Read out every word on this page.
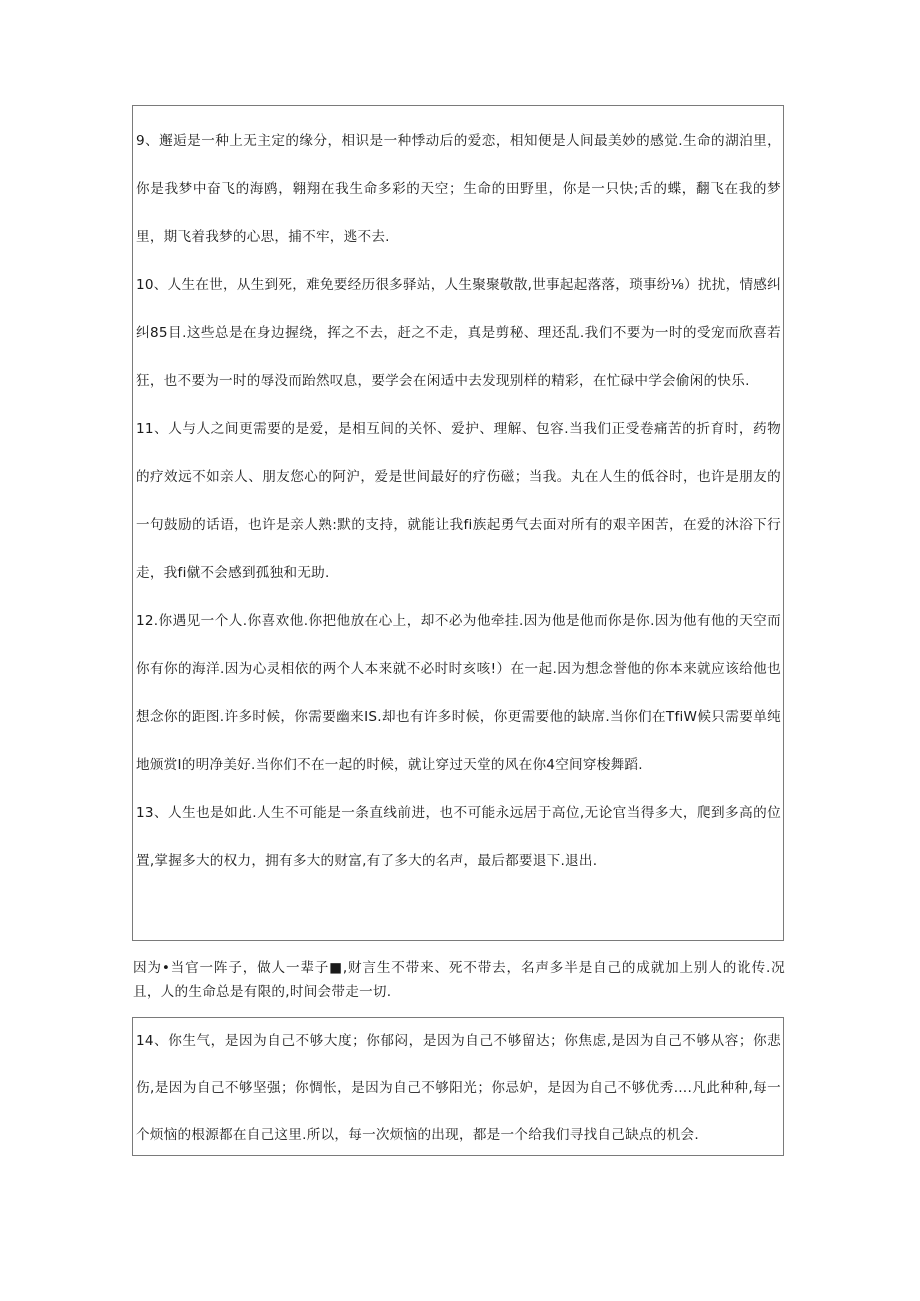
9、邂逅是一种上无主定的缘分，相识是一种悸动后的爱恋，相知便是人间最美妙的感觉.生命的湖泊里，你是我梦中奋飞的海鸥，翱翔在我生命多彩的天空；生命的田野里，你是一只快;舌的蝶，翻飞在我的梦里，期飞着我梦的心思，捕不牢，逃不去.

10、人生在世，从生到死，难免要经历很多驿站，人生聚聚敬散,世事起起落落，琐事纷⅛）扰扰，情感纠纠85目.这些总是在身边握绕，挥之不去，赶之不走，真是剪秘、理还乱.我们不要为一时的受宠而欣喜若狂，也不要为一时的辱没而跆然叹息，要学会在闲适中去发现别样的精彩，在忙碌中学会偷闲的快乐.

11、人与人之间更需要的是爱，是相互间的关怀、爱护、理解、包容.当我们正受卷痛苦的折育时，药物的疗效远不如亲人、朋友您心的阿沪，爱是世间最好的疗伤磁；当我。丸在人生的低谷时，也许是朋友的一句鼓励的话语，也许是亲人熟:默的支持，就能让我fi族起勇气去面对所有的艰辛困苦，在爱的沐浴下行走，我fi僦不会感到孤独和无助.

12.你遇见一个人.你喜欢他.你把他放在心上，却不必为他牵挂.因为他是他而你是你.因为他有他的天空而你有你的海洋.因为心灵相依的两个人本来就不必时时亥咳!）在一起.因为想念誉他的你本来就应该给他也想念你的距图.许多时候，你需要幽来IS.却也有许多时候，你更需要他的缺席.当你们在TfiW候只需要单纯地颁赏I的明净美好.当你们不在一起的时候，就让穿过天堂的风在你4空间穿梭舞蹈.

13、人生也是如此.人生不可能是一条直线前进，也不可能永远居于高位,无论官当得多大，爬到多高的位置,掌握多大的权力，拥有多大的财富,有了多大的名声，最后都要退下.退出.

因为•当官一阵子，做人一辈子■,财言生不带来、死不带去，名声多半是自己的成就加上别人的讹传.况且，人的生命总是有限的,时间会带走一切.

14、你生气，是因为自己不够大度；你郁闷，是因为自己不够留达；你焦虑,是因为自己不够从容；你悲伤,是因为自己不够坚强；你惆怅，是因为自己不够阳光；你忌妒，是因为自己不够优秀….凡此种种,每一个烦恼的根源都在自己这里.所以，每一次烦恼的出现，都是一个给我们寻找自己缺点的机会.
